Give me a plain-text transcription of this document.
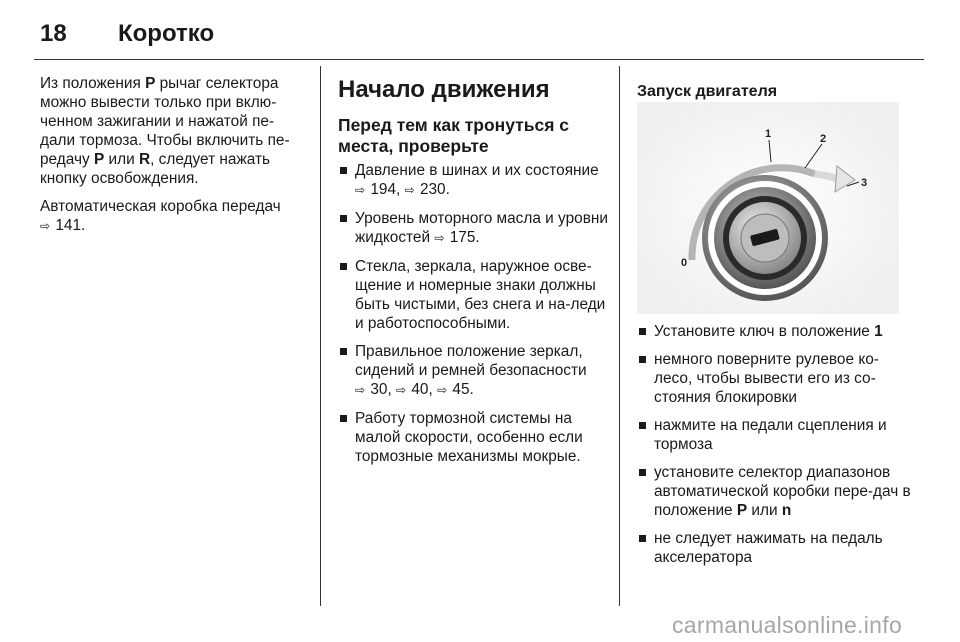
18 Коротко

Из положения P рычаг селектора можно вывести только при вклю-ченном зажигании и нажатой пе-дали тормоза. Чтобы включить пе-редачу P или R, следует нажать кнопку освобождения.

Автоматическая коробка передач
⇨ 141.

Начало движения
Перед тем как тронуться с места, проверьте
Давление в шинах и их состояние
⇨ 194, ⇨ 230.
Уровень моторного масла и уровни жидкостей ⇨ 175.
Стекла, зеркала, наружное осве-щение и номерные знаки должны быть чистыми, без снега и на-леди и работоспособными.
Правильное положение зеркал, сидений и ремней безопасности
⇨ 30, ⇨ 40, ⇨ 45.
Работу тормозной системы на малой скорости, особенно если тормозные механизмы мокрые.
Запуск двигателя
0
1	2
3
Установите ключ в положение 1
немного поверните рулевое ко-лесо, чтобы вывести его из со-стояния блокировки
нажмите на педали сцепления и тормоза
установите селектор диапазонов автоматической коробки пере-дач в положение P или n
не следует нажимать на педаль акселератора
carmanualsonline.info
